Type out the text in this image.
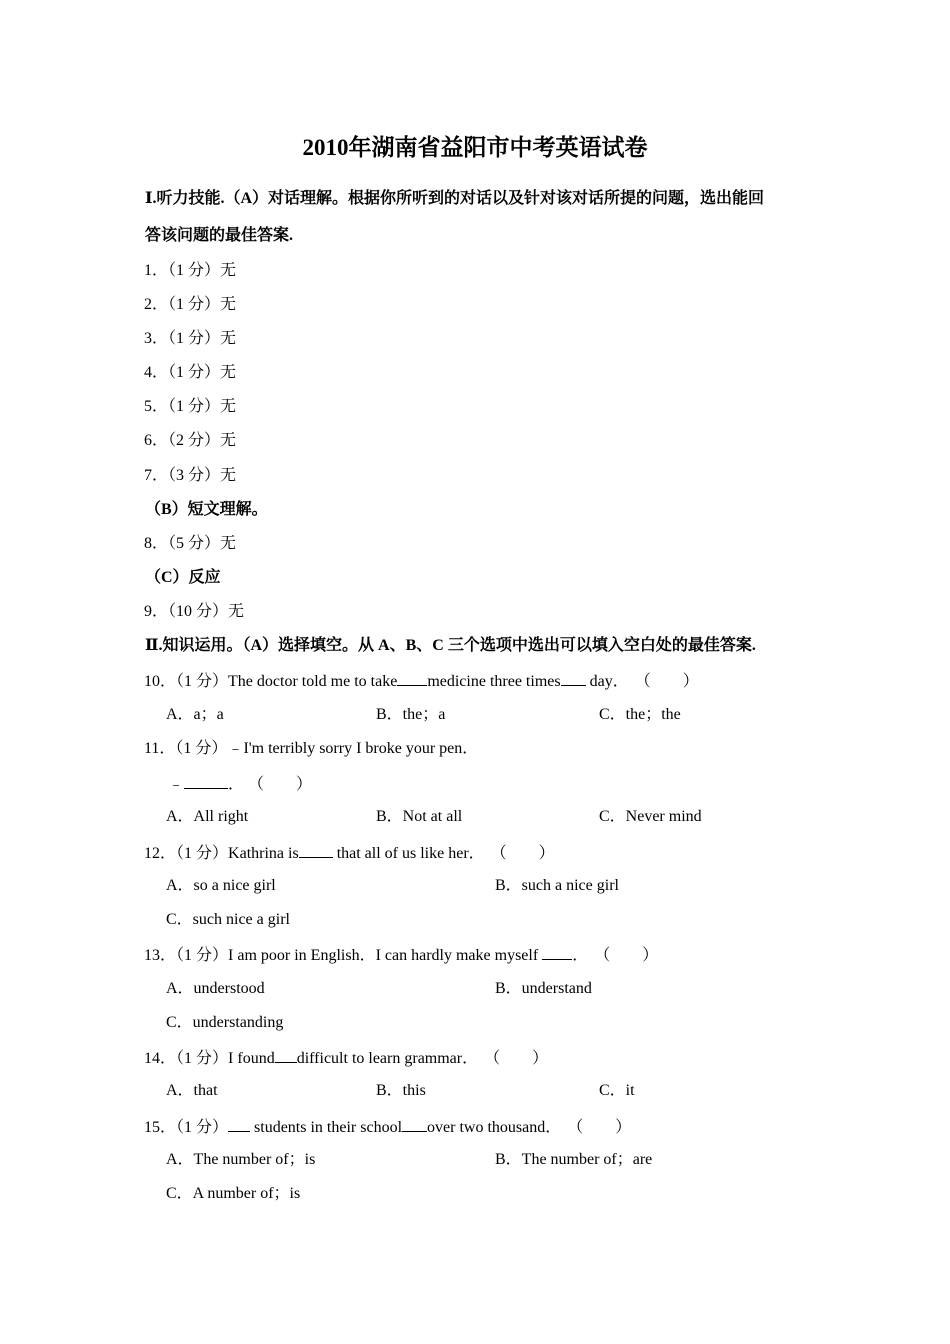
2010年湖南省益阳市中考英语试卷
Ⅰ.听力技能.（A）对话理解。根据你所听到的对话以及针对该对话所提的问题，选出能回
答该问题的最佳答案.
1．（1 分）无
2．（1 分）无
3．（1 分）无
4．（1 分）无
5．（1 分）无
6．（2 分）无
7．（3 分）无
（B）短文理解。
8．（5 分）无
（C）反应
9．（10 分）无
Ⅱ.知识运用。（A）选择填空。从 A、B、C 三个选项中选出可以填入空白处的最佳答案.
10．（1 分）The doctor told me to take medicine three times day． （　　）
A．a；a	B．the；a	C．the；the
11．（1 分）﹣I'm terribly sorry I broke your pen．
﹣	． （　　）
A．All right	B．Not at all	C．Never mind
12．（1 分）Kathrina is that all of us like her． （　　）
A．so a nice girl	B．such a nice girl
C．such nice a girl
13．（1 分）I am poor in English．I can hardly make myself ． （　　）
A．understood	B．understand
C．understanding
14．（1 分）I found difficult to learn grammar． （　　）
A．that	B．this	C．it
15．（1 分） students in their school over two thousand． （　　）
A．The number of；is	B．The number of；are
C．A number of；is
